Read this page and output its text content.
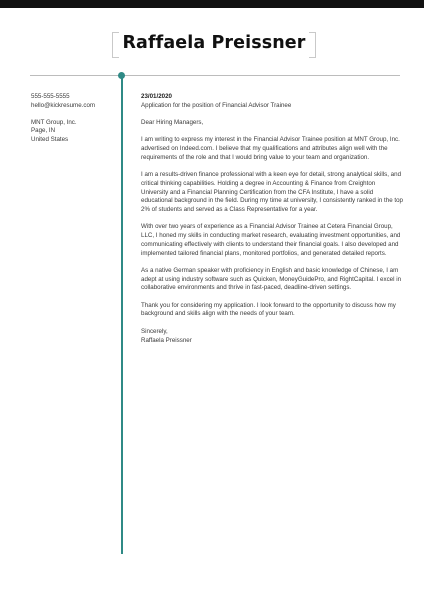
Raffaela Preissner
555-555-5555
hello@kickresume.com
MNT Group, Inc.
Page, IN
United States
23/01/2020

Application for the position of Financial Advisor Trainee

Dear Hiring Managers,

I am writing to express my interest in the Financial Advisor Trainee position at MNT Group, Inc. advertised on Indeed.com. I believe that my qualifications and attributes align well with the requirements of the role and that I would bring value to your team and organization.

I am a results-driven finance professional with a keen eye for detail, strong analytical skills, and critical thinking capabilities. Holding a degree in Accounting & Finance from Creighton University and a Financial Planning Certification from the CFA Institute, I have a solid educational background in the field. During my time at university, I consistently ranked in the top 2% of students and served as a Class Representative for a year.

With over two years of experience as a Financial Advisor Trainee at Cetera Financial Group, LLC, I honed my skills in conducting market research, evaluating investment opportunities, and communicating effectively with clients to understand their financial goals. I also developed and implemented tailored financial plans, monitored portfolios, and generated detailed reports.

As a native German speaker with proficiency in English and basic knowledge of Chinese, I am adept at using industry software such as Quicken, MoneyGuidePro, and RightCapital. I excel in collaborative environments and thrive in fast-paced, deadline-driven settings.

Thank you for considering my application. I look forward to the opportunity to discuss how my background and skills align with the needs of your team.

Sincerely,
Raffaela Preissner
